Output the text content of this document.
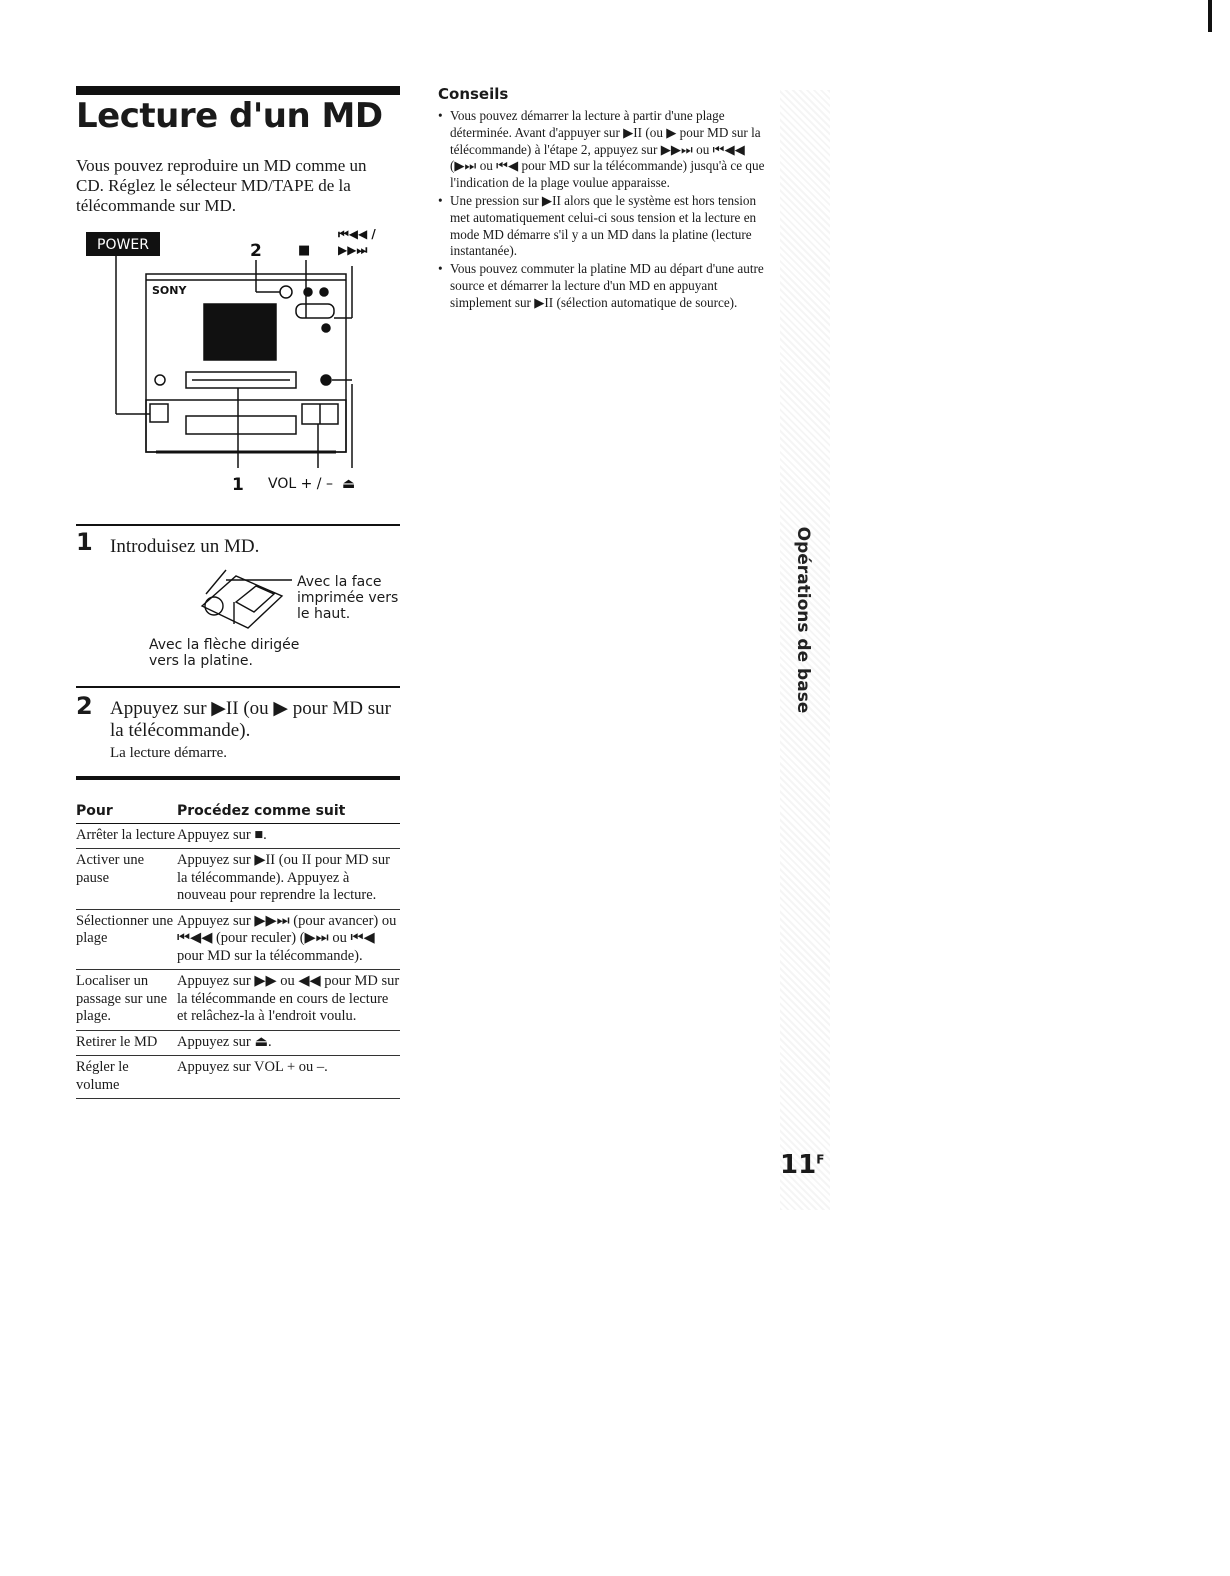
Lecture d'un MD

Vous pouvez reproduire un MD comme un CD. Réglez le sélecteur MD/TAPE de la télécommande sur MD.

POWER
SONY
2	■
⏮◀◀ /
▶▶⏭
1 VOL + / – ⏏
1 Introduisez un MD.
Avec la face imprimée vers le haut.
Avec la flèche dirigée vers la platine.
2 Appuyez sur ▶II (ou ▶ pour MD sur la télécommande).
La lecture démarre.
Pour	Procédez comme suit
Arrêter la lecture	Appuyez sur ■.
Activer une pause	Appuyez sur ▶II (ou II pour MD sur la télécommande). Appuyez à nouveau pour reprendre la lecture.
Sélectionner une plage	Appuyez sur ▶▶⏭ (pour avancer) ou ⏮◀◀ (pour reculer) (▶⏭ ou ⏮◀ pour MD sur la télécommande).
Localiser un passage sur une plage.	Appuyez sur ▶▶ ou ◀◀ pour MD sur la télécommande en cours de lecture et relâchez-la à l'endroit voulu.
Retirer le MD	Appuyez sur ⏏.
Régler le volume	Appuyez sur VOL + ou –.
Conseils
• Vous pouvez démarrer la lecture à partir d'une plage déterminée. Avant d'appuyer sur ▶II (ou ▶ pour MD sur la télécommande) à l'étape 2, appuyez sur ▶▶⏭ ou ⏮◀◀ (▶⏭ ou ⏮◀ pour MD sur la télécommande) jusqu'à ce que l'indication de la plage voulue apparaisse.
• Une pression sur ▶II alors que le système est hors tension met automatiquement celui-ci sous tension et la lecture en mode MD démarre s'il y a un MD dans la platine (lecture instantanée).
• Vous pouvez commuter la platine MD au départ d'une autre source et démarrer la lecture d'un MD en appuyant simplement sur ▶II (sélection automatique de source).
Opérations de base
$11^F$
